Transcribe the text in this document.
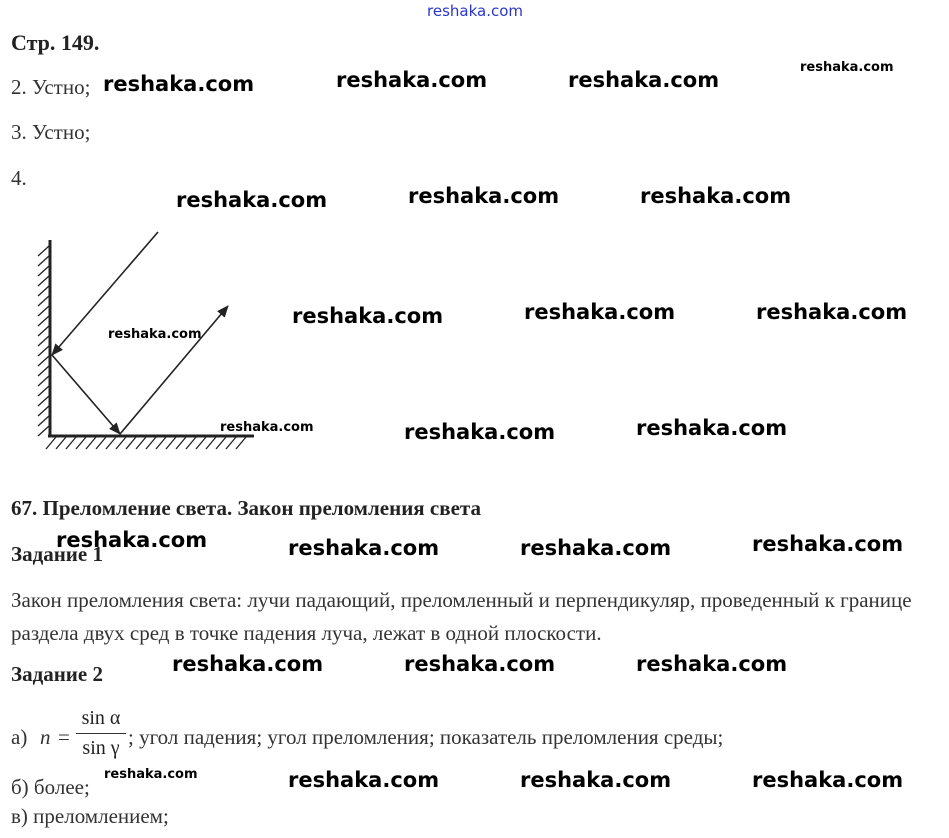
reshaka.com
Стр. 149.
2. Устно;
3. Устно;
4.
67. Преломление света. Закон преломления света
Задание 1
Закон преломления света: лучи падающий, преломленный и перпендикуляр, проведенный к границе раздела двух сред в точке падения луча, лежат в одной плоскости.
Задание 2
а) n =
sin α
sin γ ; угол падения; угол преломления; показатель преломления среды;
б) более;
в) преломлением;
reshaka.com	reshaka.com	reshaka.com
reshaka.com
reshaka.com	reshaka.com	reshaka.com
reshaka.com	reshaka.com	reshaka.com
reshaka.com
reshaka.com	reshaka.com	reshaka.com
reshaka.com	reshaka.com	reshaka.com	reshaka.com
reshaka.com	reshaka.com	reshaka.com
reshaka.com	reshaka.com	reshaka.com	reshaka.com
